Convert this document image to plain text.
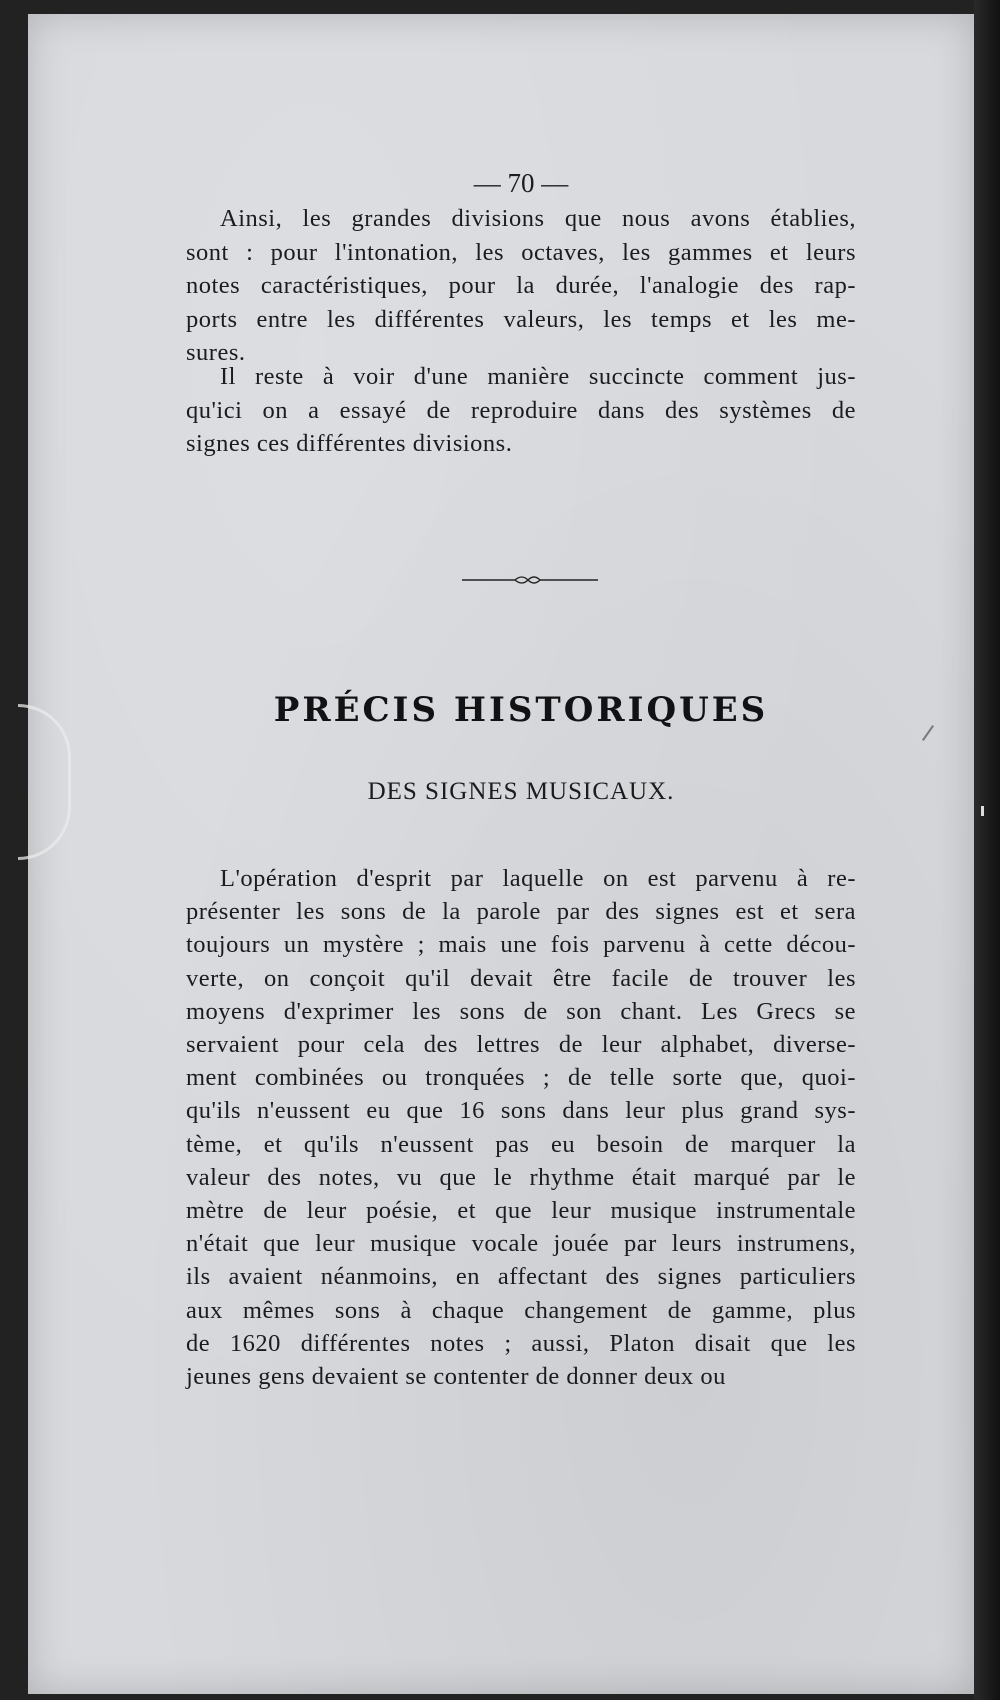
— 70 —

Ainsi, les grandes divisions que nous avons établies,
sont : pour l'intonation, les octaves, les gammes et leurs
notes caractéristiques, pour la durée, l'analogie des rap-
ports entre les différentes valeurs, les temps et les me-
sures.

Il reste à voir d'une manière succincte comment jus-
qu'ici on a essayé de reproduire dans des systèmes de
signes ces différentes divisions.

PRÉCIS HISTORIQUES
DES SIGNES MUSICAUX.

L'opération d'esprit par laquelle on est parvenu à re-
présenter les sons de la parole par des signes est et sera
toujours un mystère ; mais une fois parvenu à cette décou-
verte, on conçoit qu'il devait être facile de trouver les
moyens d'exprimer les sons de son chant. Les Grecs se
servaient pour cela des lettres de leur alphabet, diverse-
ment combinées ou tronquées ; de telle sorte que, quoi-
qu'ils n'eussent eu que 16 sons dans leur plus grand sys-
tème, et qu'ils n'eussent pas eu besoin de marquer la
valeur des notes, vu que le rhythme était marqué par le
mètre de leur poésie, et que leur musique instrumentale
n'était que leur musique vocale jouée par leurs instrumens,
ils avaient néanmoins, en affectant des signes particuliers
aux mêmes sons à chaque changement de gamme, plus
de 1620 différentes notes ; aussi, Platon disait que les
jeunes gens devaient se contenter de donner deux ou
